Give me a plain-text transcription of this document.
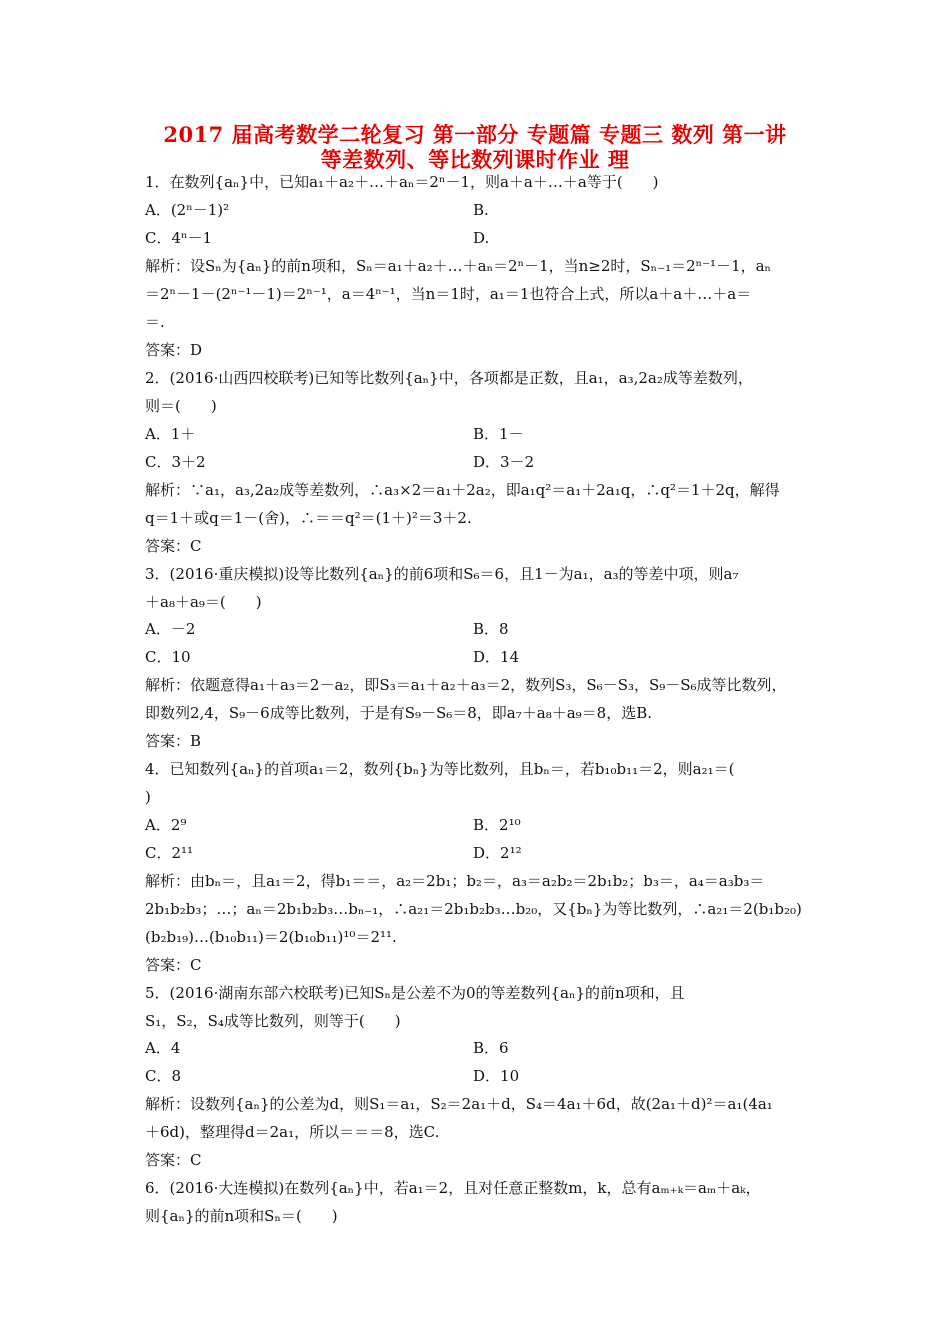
2017 届高考数学二轮复习 第一部分 专题篇 专题三 数列 第一讲
等差数列、等比数列课时作业 理
1．在数列{aₙ}中，已知a₁＋a₂＋…＋aₙ＝2ⁿ－1，则a＋a＋…＋a等于(　　)
A．(2ⁿ－1)²	B.
C．4ⁿ－1	D.
解析：设Sₙ为{aₙ}的前n项和，Sₙ＝a₁＋a₂＋…＋aₙ＝2ⁿ－1，当n≥2时，Sₙ₋₁＝2ⁿ⁻¹－1，aₙ
＝2ⁿ－1－(2ⁿ⁻¹－1)＝2ⁿ⁻¹，a＝4ⁿ⁻¹，当n＝1时，a₁＝1也符合上式，所以a＋a＋…＋a＝
＝.
答案：D
2．(2016·山西四校联考)已知等比数列{aₙ}中，各项都是正数，且a₁，a₃,2a₂成等差数列，
则＝(　　)
A．1＋	B．1－
C．3＋2	D．3－2
解析：∵a₁，a₃,2a₂成等差数列，∴a₃×2＝a₁＋2a₂，即a₁q²＝a₁＋2a₁q，∴q²＝1＋2q，解得
q＝1＋或q＝1－(舍)，∴＝＝q²＝(1＋)²＝3＋2.
答案：C
3．(2016·重庆模拟)设等比数列{aₙ}的前6项和S₆＝6，且1－为a₁，a₃的等差中项，则a₇
＋a₈＋a₉＝(　　)
A．－2	B．8
C．10	D．14
解析：依题意得a₁＋a₃＝2－a₂，即S₃＝a₁＋a₂＋a₃＝2，数列S₃，S₆－S₃，S₉－S₆成等比数列，
即数列2,4，S₉－6成等比数列，于是有S₉－S₆＝8，即a₇＋a₈＋a₉＝8，选B.
答案：B
4．已知数列{aₙ}的首项a₁＝2，数列{bₙ}为等比数列，且bₙ＝，若b₁₀b₁₁＝2，则a₂₁＝(
)
A．2⁹	B．2¹⁰
C．2¹¹	D．2¹²
解析：由bₙ＝，且a₁＝2，得b₁＝＝，a₂＝2b₁；b₂＝，a₃＝a₂b₂＝2b₁b₂；b₃＝，a₄＝a₃b₃＝
2b₁b₂b₃；…；aₙ＝2b₁b₂b₃…bₙ₋₁，∴a₂₁＝2b₁b₂b₃…b₂₀，又{bₙ}为等比数列，∴a₂₁＝2(b₁b₂₀)
(b₂b₁₉)…(b₁₀b₁₁)＝2(b₁₀b₁₁)¹⁰＝2¹¹.
答案：C
5．(2016·湖南东部六校联考)已知Sₙ是公差不为0的等差数列{aₙ}的前n项和，且
S₁，S₂，S₄成等比数列，则等于(　　)
A．4	B．6
C．8	D．10
解析：设数列{aₙ}的公差为d，则S₁＝a₁，S₂＝2a₁＋d，S₄＝4a₁＋6d，故(2a₁＋d)²＝a₁(4a₁
＋6d)，整理得d＝2a₁，所以＝＝＝8，选C.
答案：C
6．(2016·大连模拟)在数列{aₙ}中，若a₁＝2，且对任意正整数m，k，总有aₘ₊ₖ＝aₘ＋aₖ，
则{aₙ}的前n项和Sₙ＝(　　)
